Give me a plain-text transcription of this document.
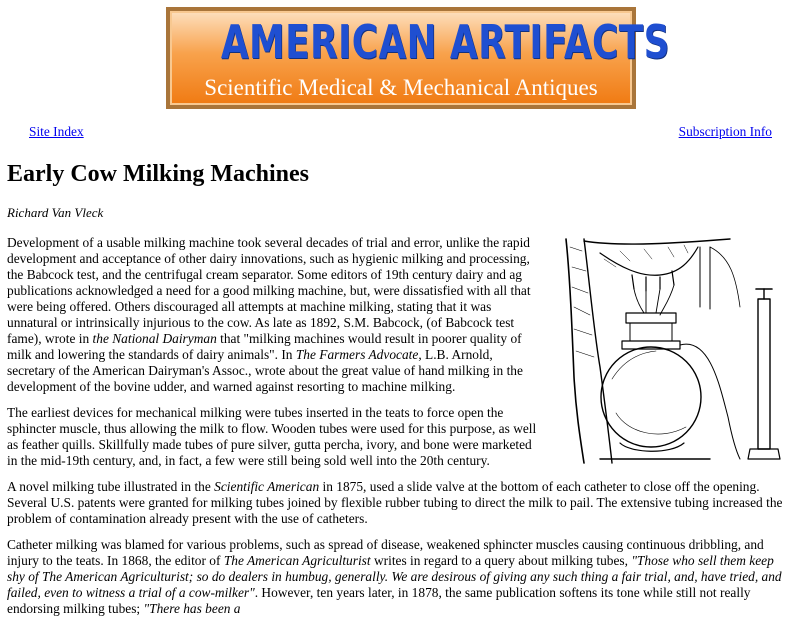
AMERICAN ARTIFACTS
Scientific Medical & Mechanical Antiques
Site Index	Subscription Info
Early Cow Milking Machines
Richard Van Vleck

Development of a usable milking machine took several decades of trial and error, unlike the rapid development and acceptance of other dairy innovations, such as hygienic milking and processing, the Babcock test, and the centrifugal cream separator. Some editors of 19th century dairy and ag publications acknowledged a need for a good milking machine, but, were dissatisfied with all that were being offered. Others discouraged all attempts at machine milking, stating that it was unnatural or intrinsically injurious to the cow. As late as 1892, S.M. Babcock, (of Babcock test fame), wrote in the National Dairyman that "milking machines would result in poorer quality of milk and lowering the standards of dairy animals". In The Farmers Advocate, L.B. Arnold, secretary of the American Dairyman's Assoc., wrote about the great value of hand milking in the development of the bovine udder, and warned against resorting to machine milking.

The earliest devices for mechanical milking were tubes inserted in the teats to force open the sphincter muscle, thus allowing the milk to flow. Wooden tubes were used for this purpose, as well as feather quills. Skillfully made tubes of pure silver, gutta percha, ivory, and bone were marketed in the mid-19th century, and, in fact, a few were still being sold well into the 20th century.

A novel milking tube illustrated in the Scientific American in 1875, used a slide valve at the bottom of each catheter to close off the opening. Several U.S. patents were granted for milking tubes joined by flexible rubber tubing to direct the milk to pail. The extensive tubing increased the problem of contamination already present with the use of catheters.

Catheter milking was blamed for various problems, such as spread of disease, weakened sphincter muscles causing continuous dribbling, and injury to the teats. In 1868, the editor of The American Agriculturist writes in regard to a query about milking tubes, "Those who sell them keep shy of The American Agriculturist; so do dealers in humbug, generally. We are desirous of giving any such thing a fair trial, and, have tried, and failed, even to witness a trial of a cow-milker". However, ten years later, in 1878, the same publication softens its tone while still not really endorsing milking tubes; "There has been a
